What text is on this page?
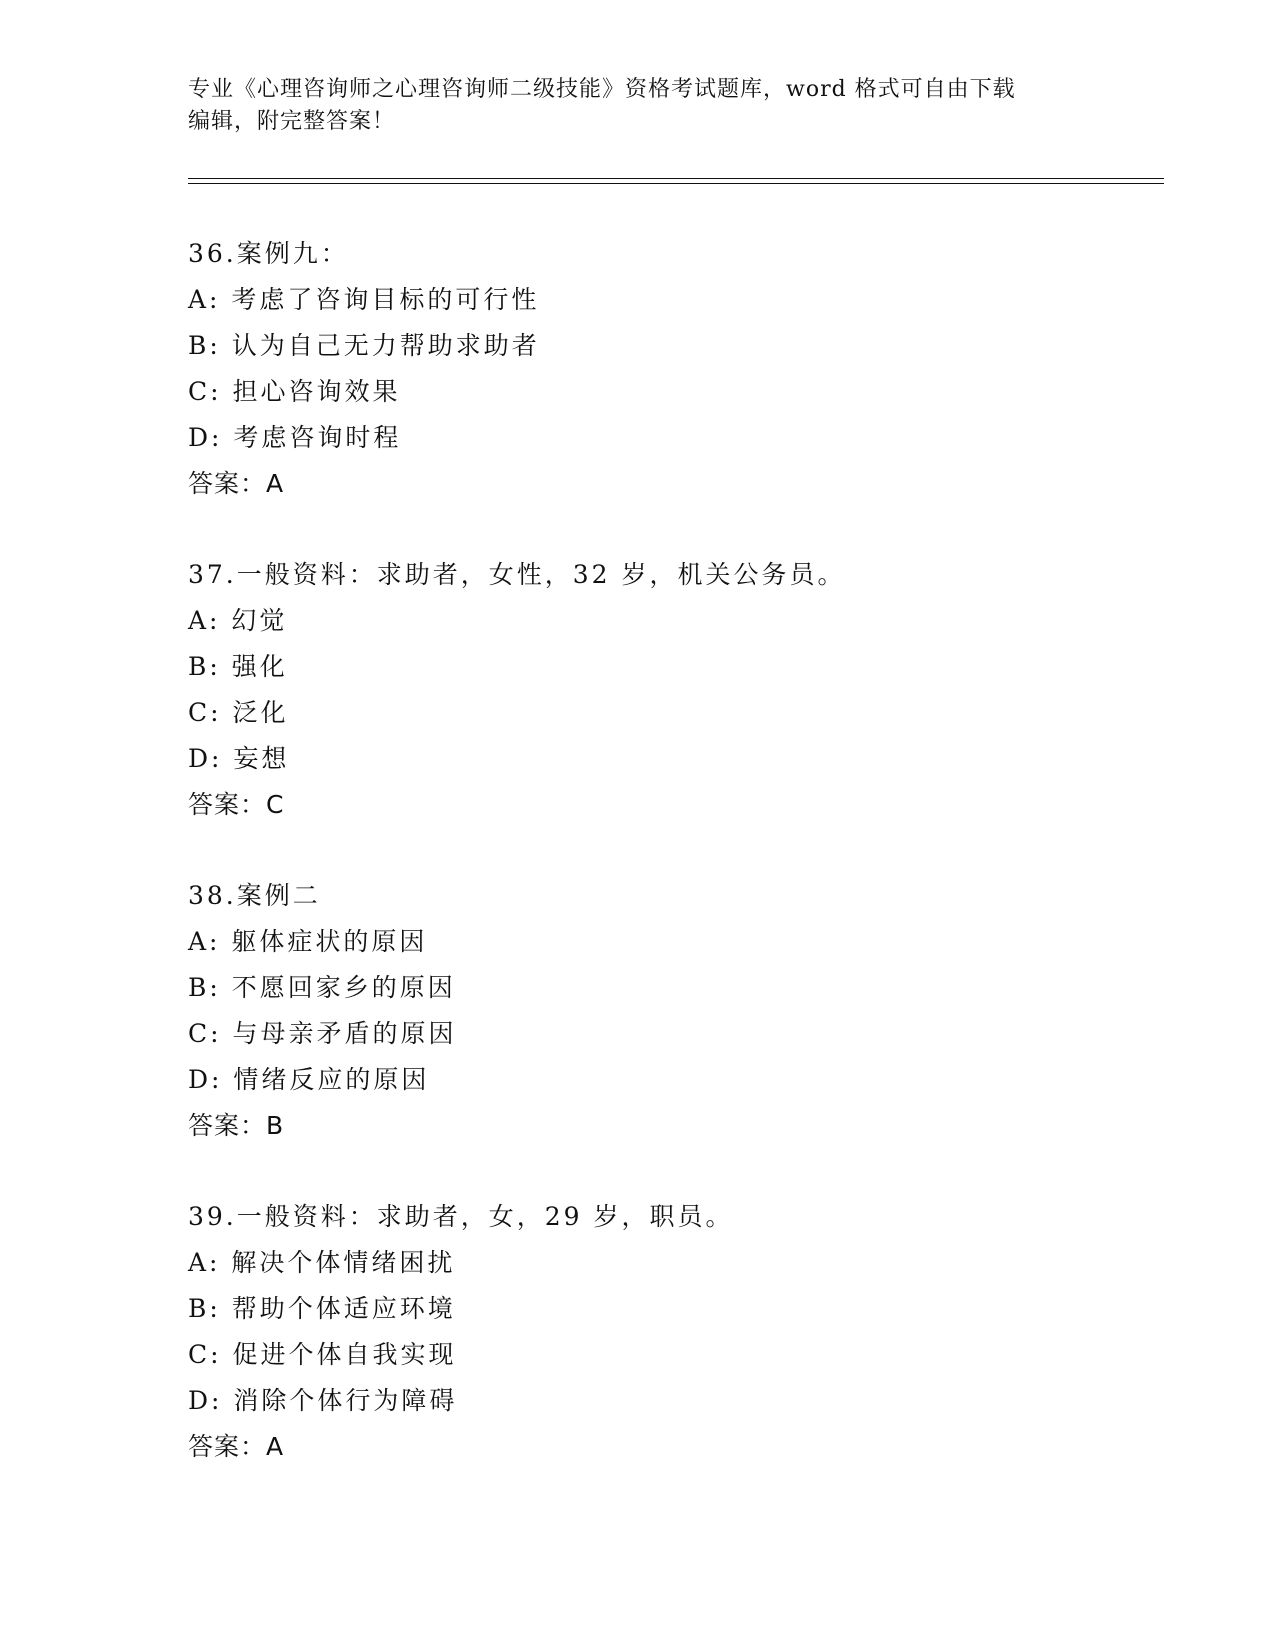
专业《心理咨询师之心理咨询师二级技能》资格考试题库，word 格式可自由下载
编辑，附完整答案！
36.案例九：
A: 考虑了咨询目标的可行性
B: 认为自己无力帮助求助者
C: 担心咨询效果
D: 考虑咨询时程
答案：A
37.一般资料：求助者，女性，32 岁，机关公务员。
A: 幻觉
B: 强化
C: 泛化
D: 妄想
答案：C
38.案例二
A: 躯体症状的原因
B: 不愿回家乡的原因
C: 与母亲矛盾的原因
D: 情绪反应的原因
答案：B
39.一般资料：求助者，女，29 岁，职员。
A: 解决个体情绪困扰
B: 帮助个体适应环境
C: 促进个体自我实现
D: 消除个体行为障碍
答案：A
